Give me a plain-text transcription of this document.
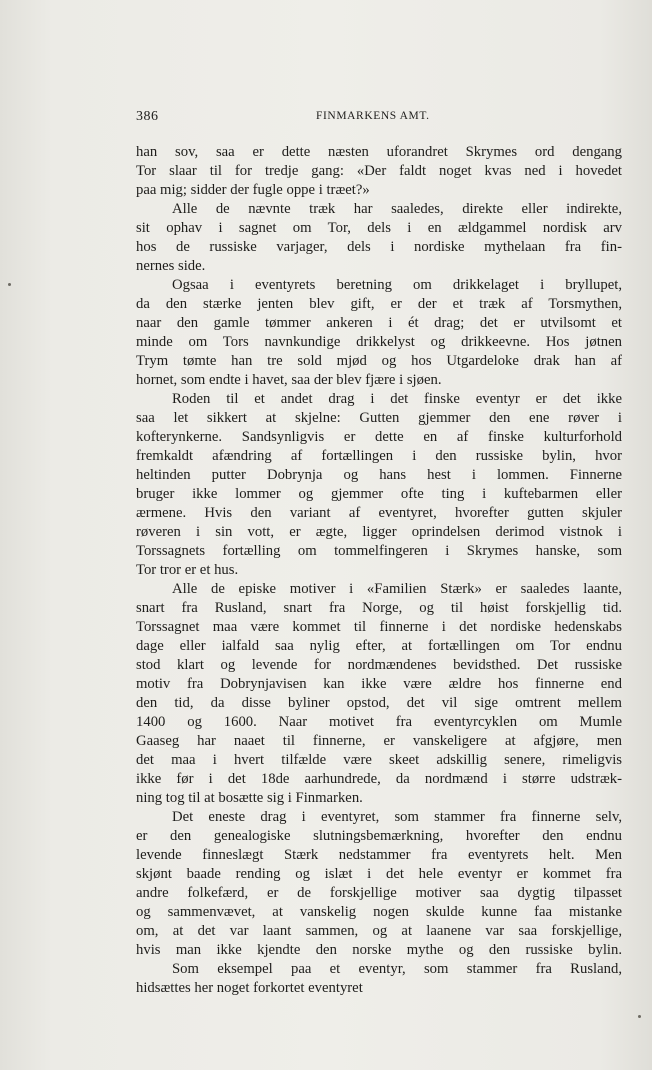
386	FINMARKENS AMT.
han sov, saa er dette næsten uforandret Skrymes ord dengang
Tor slaar til for tredje gang: «Der faldt noget kvas ned i hovedet
paa mig; sidder der fugle oppe i træet?»
Alle de nævnte træk har saaledes, direkte eller indirekte,
sit ophav i sagnet om Tor, dels i en ældgammel nordisk arv
hos de russiske varjager, dels i nordiske mythelaan fra fin-
nernes side.
Ogsaa i eventyrets beretning om drikkelaget i bryllupet,
da den stærke jenten blev gift, er der et træk af Torsmythen,
naar den gamle tømmer ankeren i ét drag; det er utvilsomt et
minde om Tors navnkundige drikkelyst og drikkeevne. Hos jøtnen
Trym tømte han tre sold mjød og hos Utgardeloke drak han af
hornet, som endte i havet, saa der blev fjære i sjøen.
Roden til et andet drag i det finske eventyr er det ikke
saa let sikkert at skjelne: Gutten gjemmer den ene røver i
kofterynkerne. Sandsynligvis er dette en af finske kulturforhold
fremkaldt afændring af fortællingen i den russiske bylin, hvor
heltinden putter Dobrynja og hans hest i lommen. Finnerne
bruger ikke lommer og gjemmer ofte ting i kuftebarmen eller
ærmene. Hvis den variant af eventyret, hvorefter gutten skjuler
røveren i sin vott, er ægte, ligger oprindelsen derimod vistnok i
Torssagnets fortælling om tommelfingeren i Skrymes hanske, som
Tor tror er et hus.
Alle de episke motiver i «Familien Stærk» er saaledes laante,
snart fra Rusland, snart fra Norge, og til høist forskjellig tid.
Torssagnet maa være kommet til finnerne i det nordiske hedenskabs
dage eller ialfald saa nylig efter, at fortællingen om Tor endnu
stod klart og levende for nordmændenes bevidsthed. Det russiske
motiv fra Dobrynjavisen kan ikke være ældre hos finnerne end
den tid, da disse byliner opstod, det vil sige omtrent mellem
1400 og 1600. Naar motivet fra eventyrcyklen om Mumle
Gaaseg har naaet til finnerne, er vanskeligere at afgjøre, men
det maa i hvert tilfælde være skeet adskillig senere, rimeligvis
ikke før i det 18de aarhundrede, da nordmænd i større udstræk-
ning tog til at bosætte sig i Finmarken.
Det eneste drag i eventyret, som stammer fra finnerne selv,
er den genealogiske slutningsbemærkning, hvorefter den endnu
levende finneslægt Stærk nedstammer fra eventyrets helt. Men
skjønt baade rending og islæt i det hele eventyr er kommet fra
andre folkefærd, er de forskjellige motiver saa dygtig tilpasset
og sammenvævet, at vanskelig nogen skulde kunne faa mistanke
om, at det var laant sammen, og at laanene var saa forskjellige,
hvis man ikke kjendte den norske mythe og den russiske bylin.
Som eksempel paa et eventyr, som stammer fra Rusland,
hidsættes her noget forkortet eventyret
